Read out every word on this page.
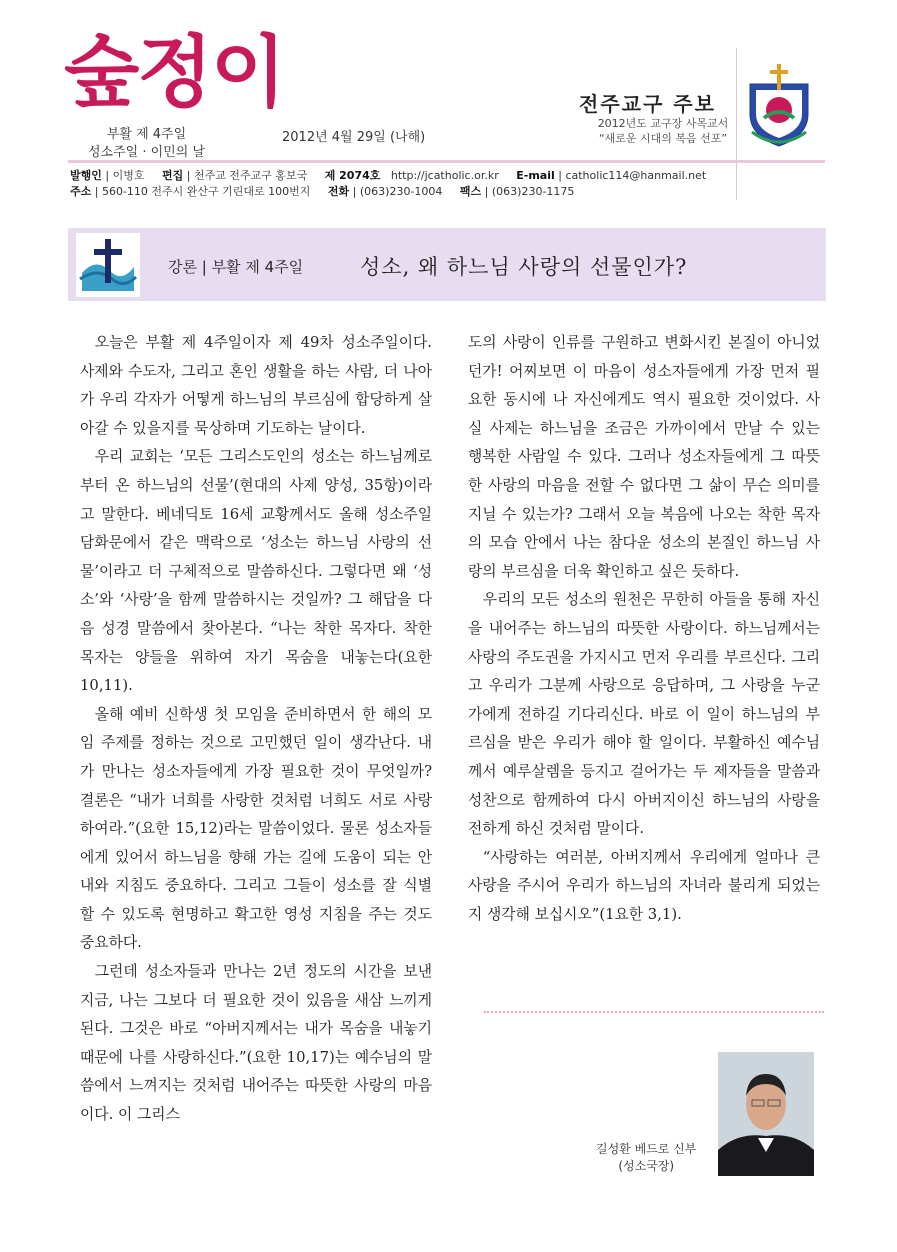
숲정이
부활 제 4주일
성소주일 · 이민의 날
2012년 4월 29일 (나해)
전주교구 주보
2012년도 교구장 사목교서
“새로운 시대의 복음 선포”
발행인 | 이병호 편집 | 천주교 전주교구 홍보국 제 2074호 http://jcatholic.or.kr E-mail | catholic114@hanmail.net
주소 | 560-110 전주시 완산구 기린대로 100번지 전화 | (063)230-1004 팩스 | (063)230-1175
강론 | 부활 제 4주일	성소, 왜 하느님 사랑의 선물인가?

오늘은 부활 제 4주일이자 제 49차 성소주일이다. 사제와 수도자, 그리고 혼인 생활을 하는 사람, 더 나아가 우리 각자가 어떻게 하느님의 부르심에 합당하게 살아갈 수 있을지를 묵상하며 기도하는 날이다.

우리 교회는 ‘모든 그리스도인의 성소는 하느님께로부터 온 하느님의 선물’(현대의 사제 양성, 35항)이라고 말한다. 베네딕토 16세 교황께서도 올해 성소주일 담화문에서 같은 맥락으로 ‘성소는 하느님 사랑의 선물’이라고 더 구체적으로 말씀하신다. 그렇다면 왜 ‘성소’와 ‘사랑’을 함께 말씀하시는 것일까? 그 해답을 다음 성경 말씀에서 찾아본다. “나는 착한 목자다. 착한 목자는 양들을 위하여 자기 목숨을 내놓는다(요한 10,11).

올해 예비 신학생 첫 모임을 준비하면서 한 해의 모임 주제를 정하는 것으로 고민했던 일이 생각난다. 내가 만나는 성소자들에게 가장 필요한 것이 무엇일까? 결론은 “내가 너희를 사랑한 것처럼 너희도 서로 사랑하여라.”(요한 15,12)라는 말씀이었다. 물론 성소자들에게 있어서 하느님을 향해 가는 길에 도움이 되는 안내와 지침도 중요하다. 그리고 그들이 성소를 잘 식별할 수 있도록 현명하고 확고한 영성 지침을 주는 것도 중요하다.

그런데 성소자들과 만나는 2년 정도의 시간을 보낸 지금, 나는 그보다 더 필요한 것이 있음을 새삼 느끼게 된다. 그것은 바로 “아버지께서는 내가 목숨을 내놓기 때문에 나를 사랑하신다.”(요한 10,17)는 예수님의 말씀에서 느껴지는 것처럼 내어주는 따뜻한 사랑의 마음이다. 이 그리스

도의 사랑이 인류를 구원하고 변화시킨 본질이 아니었던가! 어찌보면 이 마음이 성소자들에게 가장 먼저 필요한 동시에 나 자신에게도 역시 필요한 것이었다. 사실 사제는 하느님을 조금은 가까이에서 만날 수 있는 행복한 사람일 수 있다. 그러나 성소자들에게 그 따뜻한 사랑의 마음을 전할 수 없다면 그 삶이 무슨 의미를 지닐 수 있는가? 그래서 오늘 복음에 나오는 착한 목자의 모습 안에서 나는 참다운 성소의 본질인 하느님 사랑의 부르심을 더욱 확인하고 싶은 듯하다.

우리의 모든 성소의 원천은 무한히 아들을 통해 자신을 내어주는 하느님의 따뜻한 사랑이다. 하느님께서는 사랑의 주도권을 가지시고 먼저 우리를 부르신다. 그리고 우리가 그분께 사랑으로 응답하며, 그 사랑을 누군가에게 전하길 기다리신다. 바로 이 일이 하느님의 부르심을 받은 우리가 해야 할 일이다. 부활하신 예수님께서 예루살렘을 등지고 걸어가는 두 제자들을 말씀과 성찬으로 함께하여 다시 아버지이신 하느님의 사랑을 전하게 하신 것처럼 말이다.

“사랑하는 여러분, 아버지께서 우리에게 얼마나 큰 사랑을 주시어 우리가 하느님의 자녀라 불리게 되었는지 생각해 보십시오”(1요한 3,1).

길성환 베드로 신부
(성소국장)
